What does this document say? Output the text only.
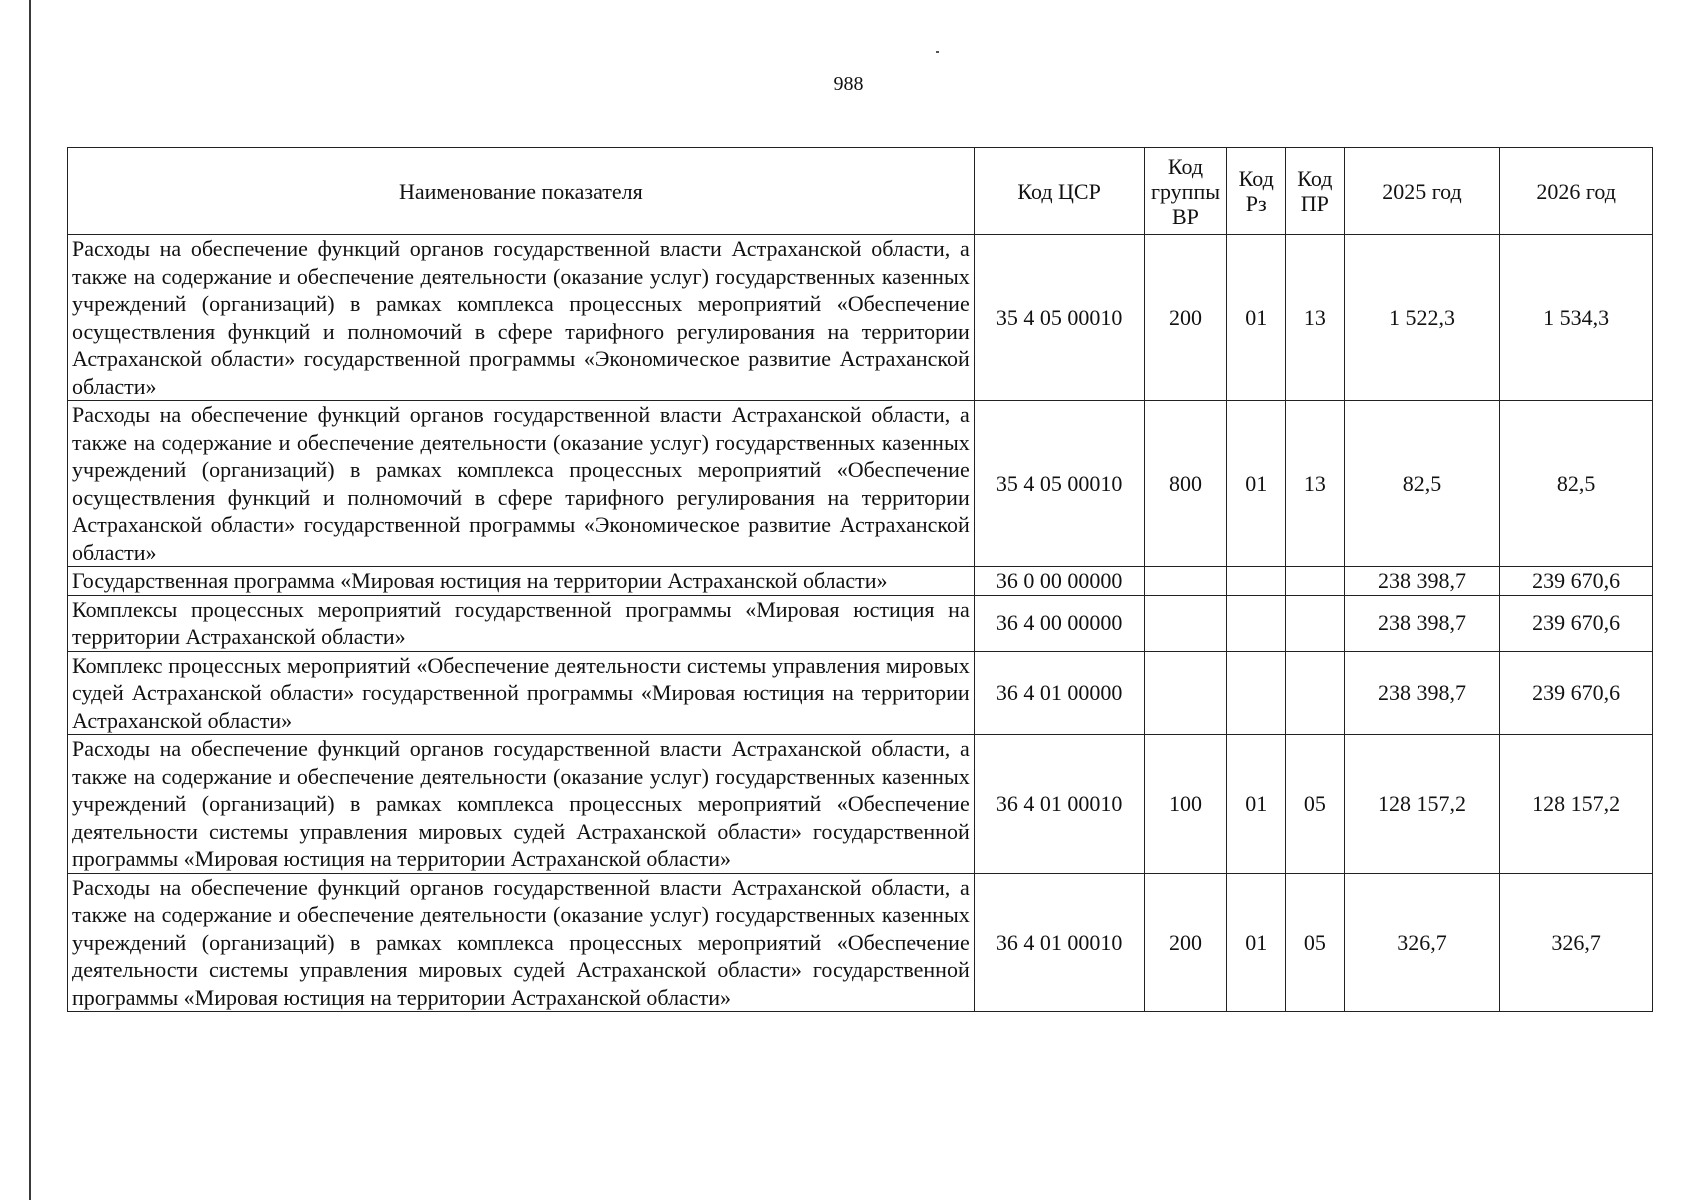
988
Наименование показателя	Код ЦСР	Код группы ВР	Код Рз	Код ПР	2025 год	2026 год
Расходы на обеспечение функций органов государственной власти Астраханской области, а также на содержание и обеспечение деятельности (оказание услуг) государственных казенных учреждений (организаций) в рамках комплекса процессных мероприятий «Обеспечение осуществления функций и полномочий в сфере тарифного регулирования на территории Астраханской области» государственной программы «Экономическое развитие Астраханской области»	35 4 05 00010	200	01	13	1 522,3	1 534,3
Расходы на обеспечение функций органов государственной власти Астраханской области, а также на содержание и обеспечение деятельности (оказание услуг) государственных казенных учреждений (организаций) в рамках комплекса процессных мероприятий «Обеспечение осуществления функций и полномочий в сфере тарифного регулирования на территории Астраханской области» государственной программы «Экономическое развитие Астраханской области»	35 4 05 00010	800	01	13	82,5	82,5
Государственная программа «Мировая юстиция на территории Астраханской области»	36 0 00 00000				238 398,7	239 670,6
Комплексы процессных мероприятий государственной программы «Мировая юстиция на территории Астраханской области»	36 4 00 00000				238 398,7	239 670,6
Комплекс процессных мероприятий «Обеспечение деятельности системы управления мировых судей Астраханской области» государственной программы «Мировая юстиция на территории Астраханской области»	36 4 01 00000				238 398,7	239 670,6
Расходы на обеспечение функций органов государственной власти Астраханской области, а также на содержание и обеспечение деятельности (оказание услуг) государственных казенных учреждений (организаций) в рамках комплекса процессных мероприятий «Обеспечение деятельности системы управления мировых судей Астраханской области» государственной программы «Мировая юстиция на территории Астраханской области»	36 4 01 00010	100	01	05	128 157,2	128 157,2
Расходы на обеспечение функций органов государственной власти Астраханской области, а также на содержание и обеспечение деятельности (оказание услуг) государственных казенных учреждений (организаций) в рамках комплекса процессных мероприятий «Обеспечение деятельности системы управления мировых судей Астраханской области» государственной программы «Мировая юстиция на территории Астраханской области»	36 4 01 00010	200	01	05	326,7	326,7
